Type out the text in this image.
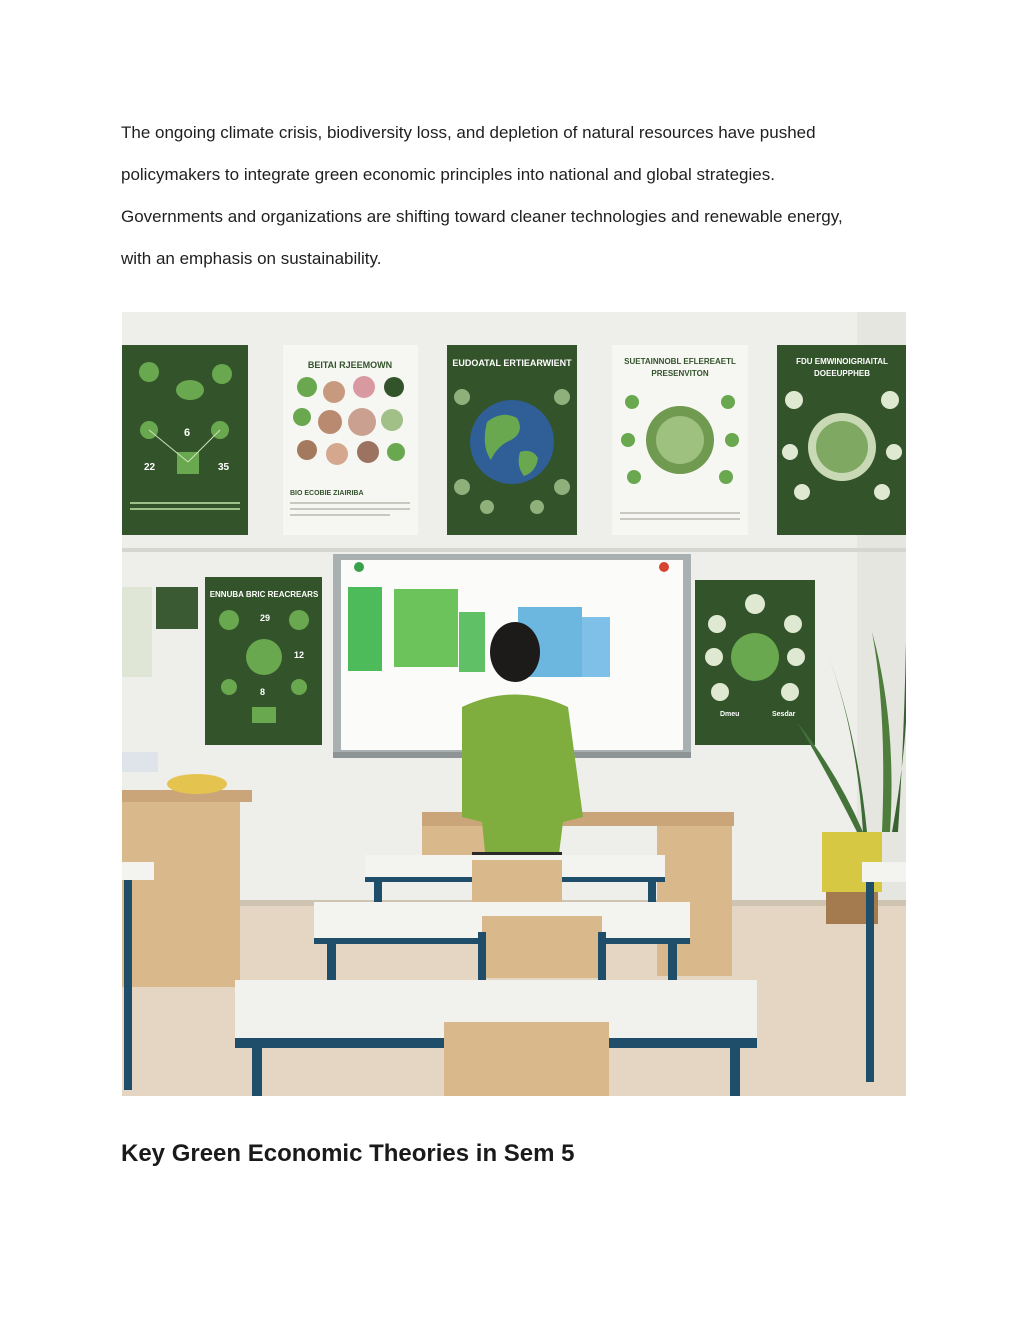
The ongoing climate crisis, biodiversity loss, and depletion of natural resources have pushed
policymakers to integrate green economic principles into national and global strategies.
Governments and organizations are shifting toward cleaner technologies and renewable energy,
with an emphasis on sustainability.

6
22	35
BEITAI RJEEMOWN
BIO ECOBIE ZIAIRIBA
EUDOATAL ERTIEARWIENT	SUETAINNOBL EFLEREAETL
PRESENVITON
FDU EMWINOIGRIAITAL
DOEEUPPHEB
ENNUBA BRIC REACREARS
29
12
8
Dmeu	Sesdar
Key Green Economic Theories in Sem 5
